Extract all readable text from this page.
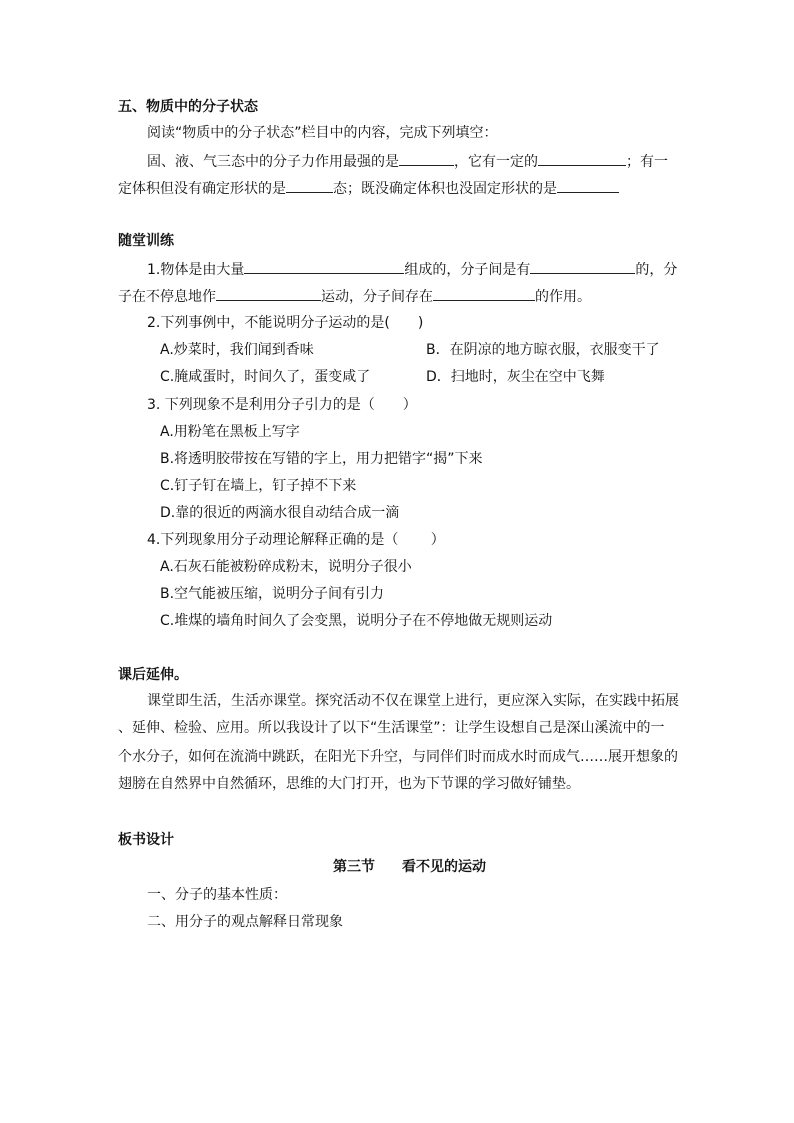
五、物质中的分子状态
阅读“物质中的分子状态”栏目中的内容，完成下列填空：
固、液、气三态中的分子力作用最强的是	，它有一定的	；有一
定体积但没有确定形状的是	态；既没确定体积也没固定形状的是
随堂训练
1.物体是由大量	组成的，分子间是有	的，分
子在不停息地作	运动，分子间存在	的作用。
2.下列事例中，不能说明分子运动的是(　　)
A.炒菜时，我们闻到香味	B．在阴凉的地方晾衣服，衣服变干了
C.腌咸蛋时，时间久了，蛋变咸了	D．扫地时，灰尘在空中飞舞
3. 下列现象不是利用分子引力的是（　　）
A.用粉笔在黑板上写字
B.将透明胶带按在写错的字上，用力把错字“揭”下来
C.钉子钉在墙上，钉子掉不下来
D.靠的很近的两滴水很自动结合成一滴
4.下列现象用分子动理论解释正确的是（　　 ）
A.石灰石能被粉碎成粉末，说明分子很小
B.空气能被压缩，说明分子间有引力
C.堆煤的墙角时间久了会变黑，说明分子在不停地做无规则运动
课后延伸。
课堂即生活，生活亦课堂。探究活动不仅在课堂上进行，更应深入实际，在实践中拓展
、延伸、检验、应用。所以我设计了以下“生活课堂”：让学生设想自己是深山溪流中的一
个水分子，如何在流淌中跳跃，在阳光下升空，与同伴们时而成水时而成气……展开想象的
翅膀在自然界中自然循环，思维的大门打开，也为下节课的学习做好铺垫。
板书设计
第三节 看不见的运动
一、分子的基本性质：
二、用分子的观点解释日常现象
